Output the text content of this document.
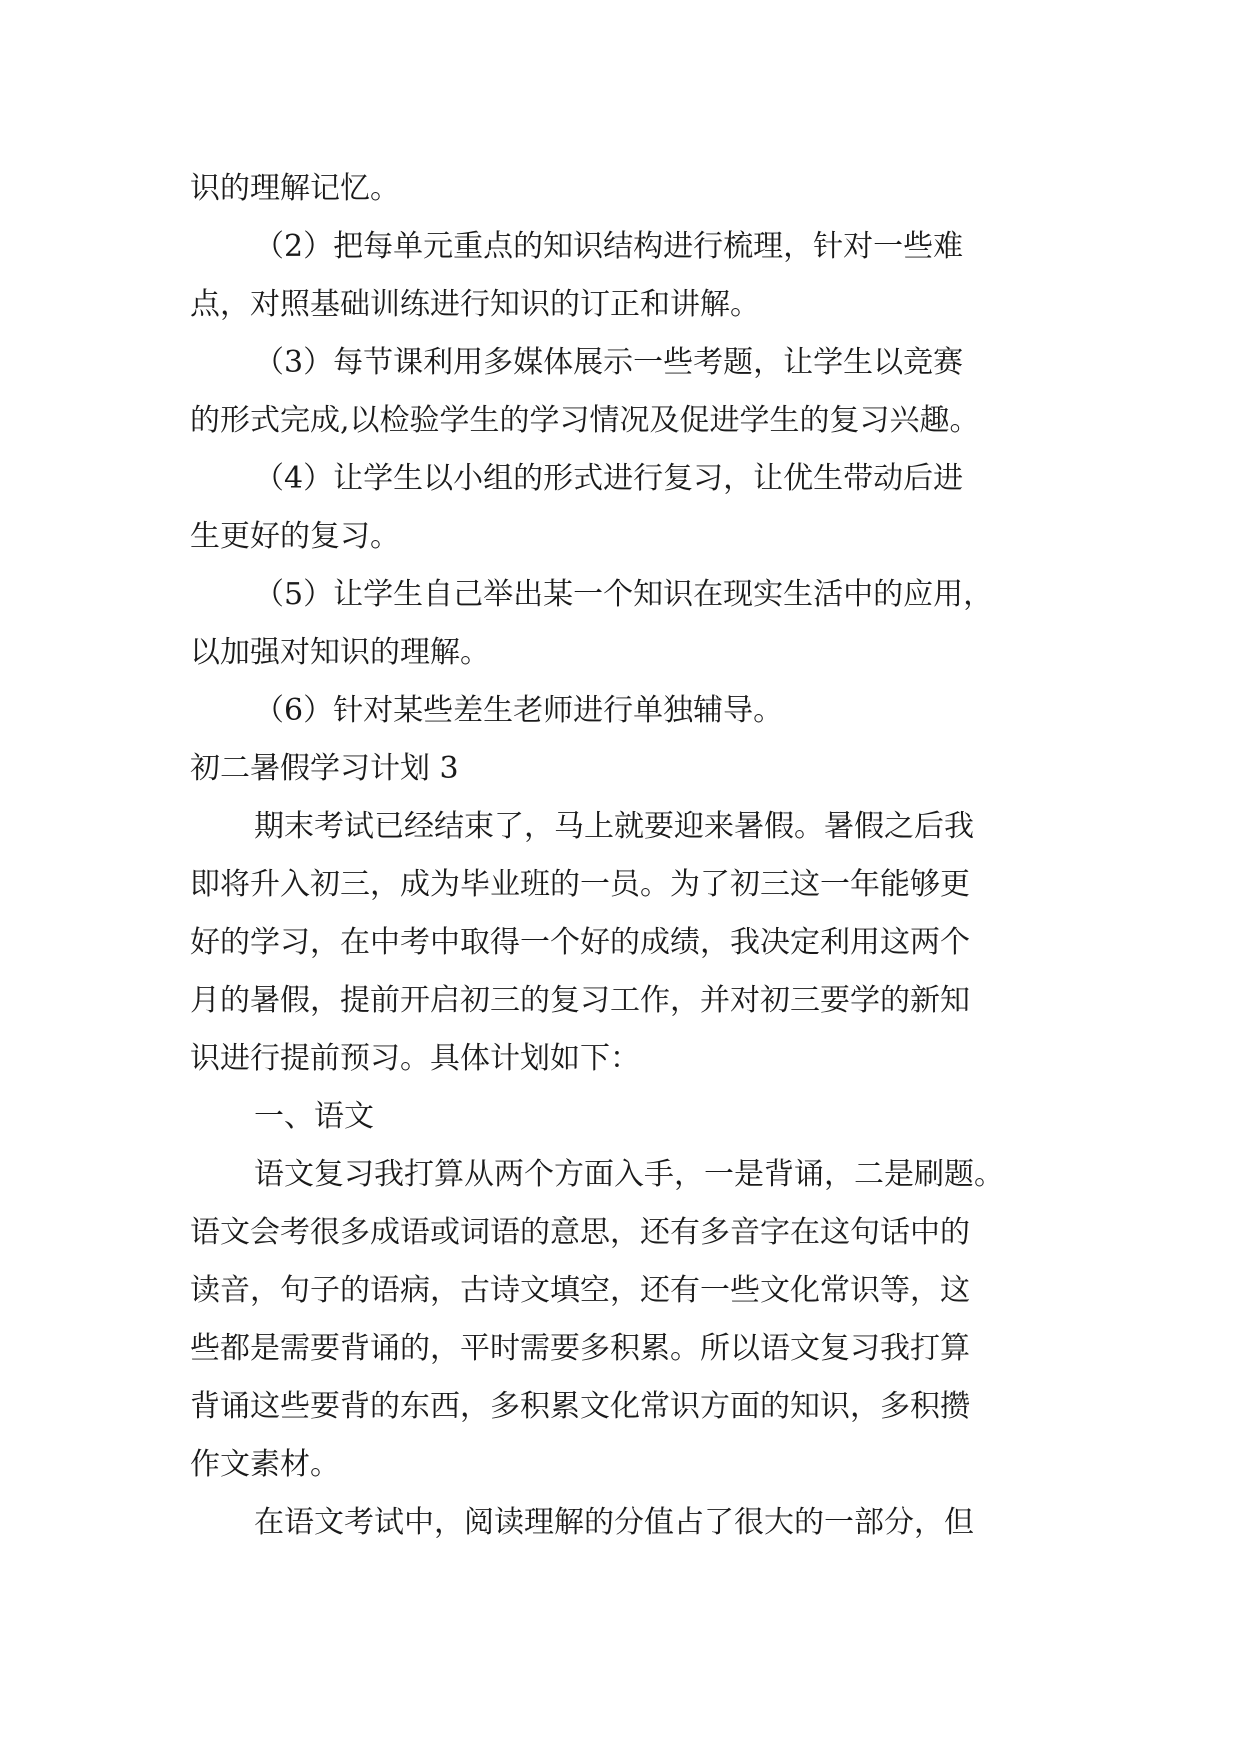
识的理解记忆。
（2）把每单元重点的知识结构进行梳理，针对一些难
点，对照基础训练进行知识的订正和讲解。
（3）每节课利用多媒体展示一些考题，让学生以竞赛
的形式完成,以检验学生的学习情况及促进学生的复习兴趣。
（4）让学生以小组的形式进行复习，让优生带动后进
生更好的复习。
（5）让学生自己举出某一个知识在现实生活中的应用，
以加强对知识的理解。
（6）针对某些差生老师进行单独辅导。
初二暑假学习计划 3
期末考试已经结束了，马上就要迎来暑假。暑假之后我
即将升入初三，成为毕业班的一员。为了初三这一年能够更
好的学习，在中考中取得一个好的成绩，我决定利用这两个
月的暑假，提前开启初三的复习工作，并对初三要学的新知
识进行提前预习。具体计划如下：
一、语文
语文复习我打算从两个方面入手，一是背诵，二是刷题。
语文会考很多成语或词语的意思，还有多音字在这句话中的
读音，句子的语病，古诗文填空，还有一些文化常识等，这
些都是需要背诵的，平时需要多积累。所以语文复习我打算
背诵这些要背的东西，多积累文化常识方面的知识，多积攒
作文素材。
在语文考试中，阅读理解的分值占了很大的一部分，但
